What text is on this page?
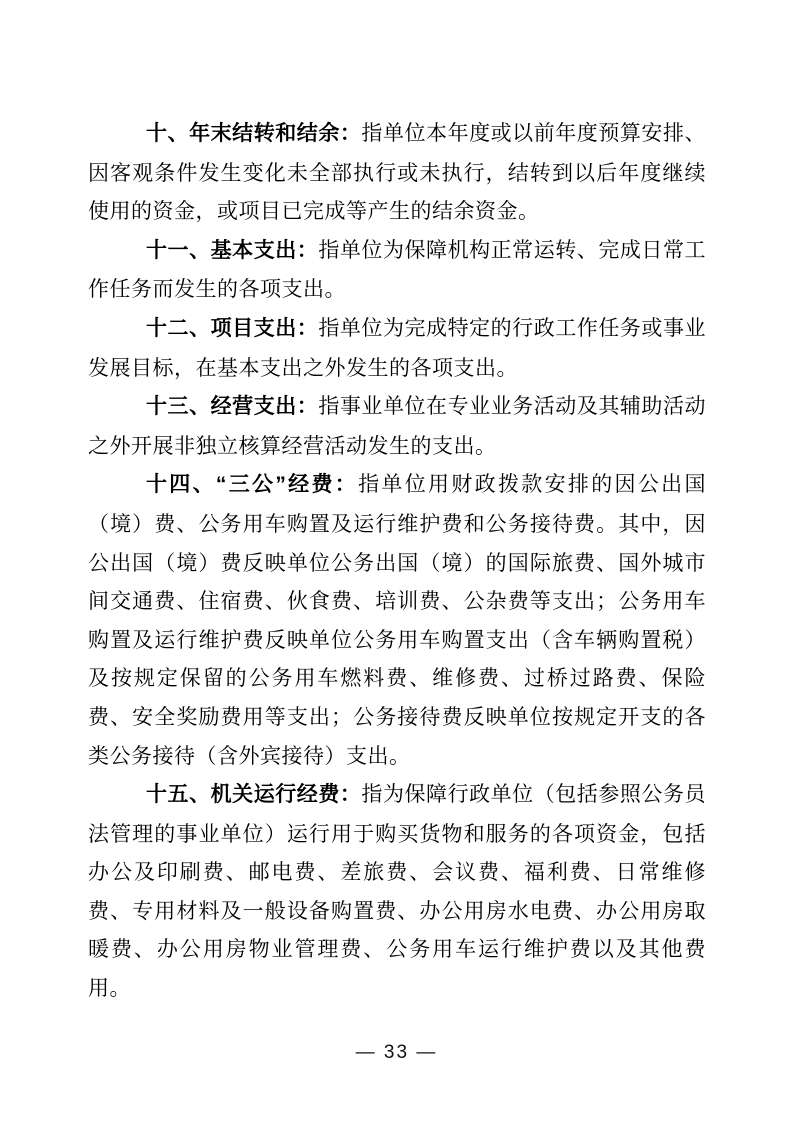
十、年末结转和结余：指单位本年度或以前年度预算安排、因客观条件发生变化未全部执行或未执行，结转到以后年度继续使用的资金，或项目已完成等产生的结余资金。

十一、基本支出：指单位为保障机构正常运转、完成日常工作任务而发生的各项支出。

十二、项目支出：指单位为完成特定的行政工作任务或事业发展目标，在基本支出之外发生的各项支出。

十三、经营支出：指事业单位在专业业务活动及其辅助活动之外开展非独立核算经营活动发生的支出。

十四、“三公”经费：指单位用财政拨款安排的因公出国（境）费、公务用车购置及运行维护费和公务接待费。其中，因公出国（境）费反映单位公务出国（境）的国际旅费、国外城市间交通费、住宿费、伙食费、培训费、公杂费等支出；公务用车购置及运行维护费反映单位公务用车购置支出（含车辆购置税） 及按规定保留的公务用车燃料费、维修费、过桥过路费、保险 费、安全奖励费用等支出；公务接待费反映单位按规定开支的各类公务接待（含外宾接待）支出。

十五、机关运行经费：指为保障行政单位（包括参照公务员法管理的事业单位）运行用于购买货物和服务的各项资金，包括办公及印刷费、邮电费、差旅费、会议费、福利费、日常维修 费、专用材料及一般设备购置费、办公用房水电费、办公用房取暖费、办公用房物业管理费、公务用车运行维护费以及其他费 用。

— 33 —
